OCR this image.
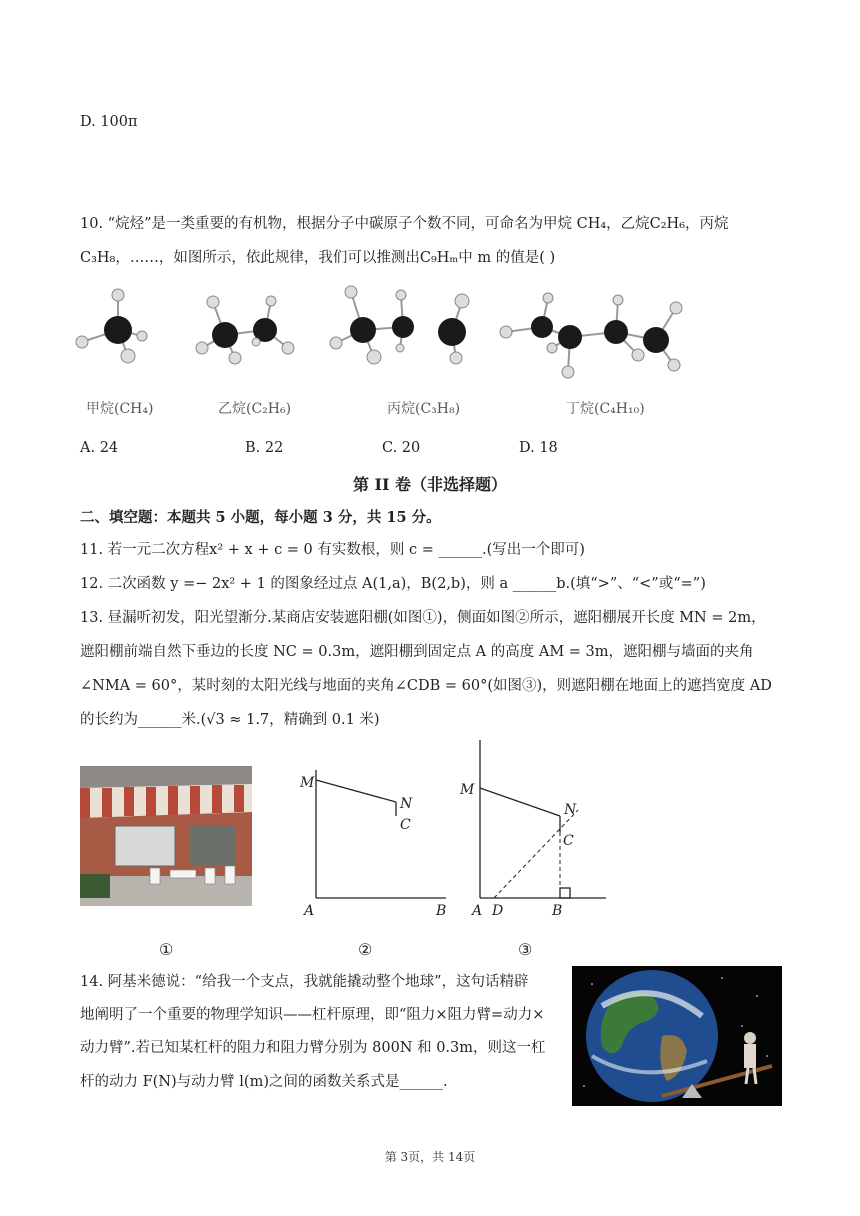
D. 100π
10. “烷烃”是一类重要的有机物，根据分子中碳原子个数不同，可命名为甲烷 CH₄，乙烷C₂H₆，丙烷
C₃H₈，……，如图所示，依此规律，我们可以推测出C₉Hₘ中 m 的值是( )
甲烷(CH₄)	乙烷(C₂H₆)	丙烷(C₃H₈)	丁烷(C₄H₁₀)
A. 24	B. 22	C. 20	D. 18
第 II 卷（非选择题）
二、填空题：本题共 5 小题，每小题 3 分，共 15 分。
11. 若一元二次方程x² + x + c = 0 有实数根，则 c = ______.(写出一个即可)
12. 二次函数 y =− 2x² + 1 的图象经过点 A(1,a)，B(2,b)，则 a ______b.(填“>”、“<”或“=”)
13. 昼漏听初发，阳光望渐分.某商店安装遮阳棚(如图①)，侧面如图②所示，遮阳棚展开长度 MN = 2m，
遮阳棚前端自然下垂边的长度 NC = 0.3m，遮阳棚到固定点 A 的高度 AM = 3m，遮阳棚与墙面的夹角
∠NMA = 60°，某时刻的太阳光线与地面的夹角∠CDB = 60°(如图③)，则遮阳棚在地面上的遮挡宽度 AD
的长约为______米.(√3 ≈ 1.7，精确到 0.1 米)
M
N
C
A	B
M
N
C
A D	B
①	②	③
14. 阿基米德说：“给我一个支点，我就能撬动整个地球”，这句话精辟
地阐明了一个重要的物理学知识——杠杆原理，即“阻力×阻力臂=动力×
动力臂”.若已知某杠杆的阻力和阻力臂分别为 800N 和 0.3m，则这一杠
杆的动力 F(N)与动力臂 l(m)之间的函数关系式是______.
第 3页，共 14页
